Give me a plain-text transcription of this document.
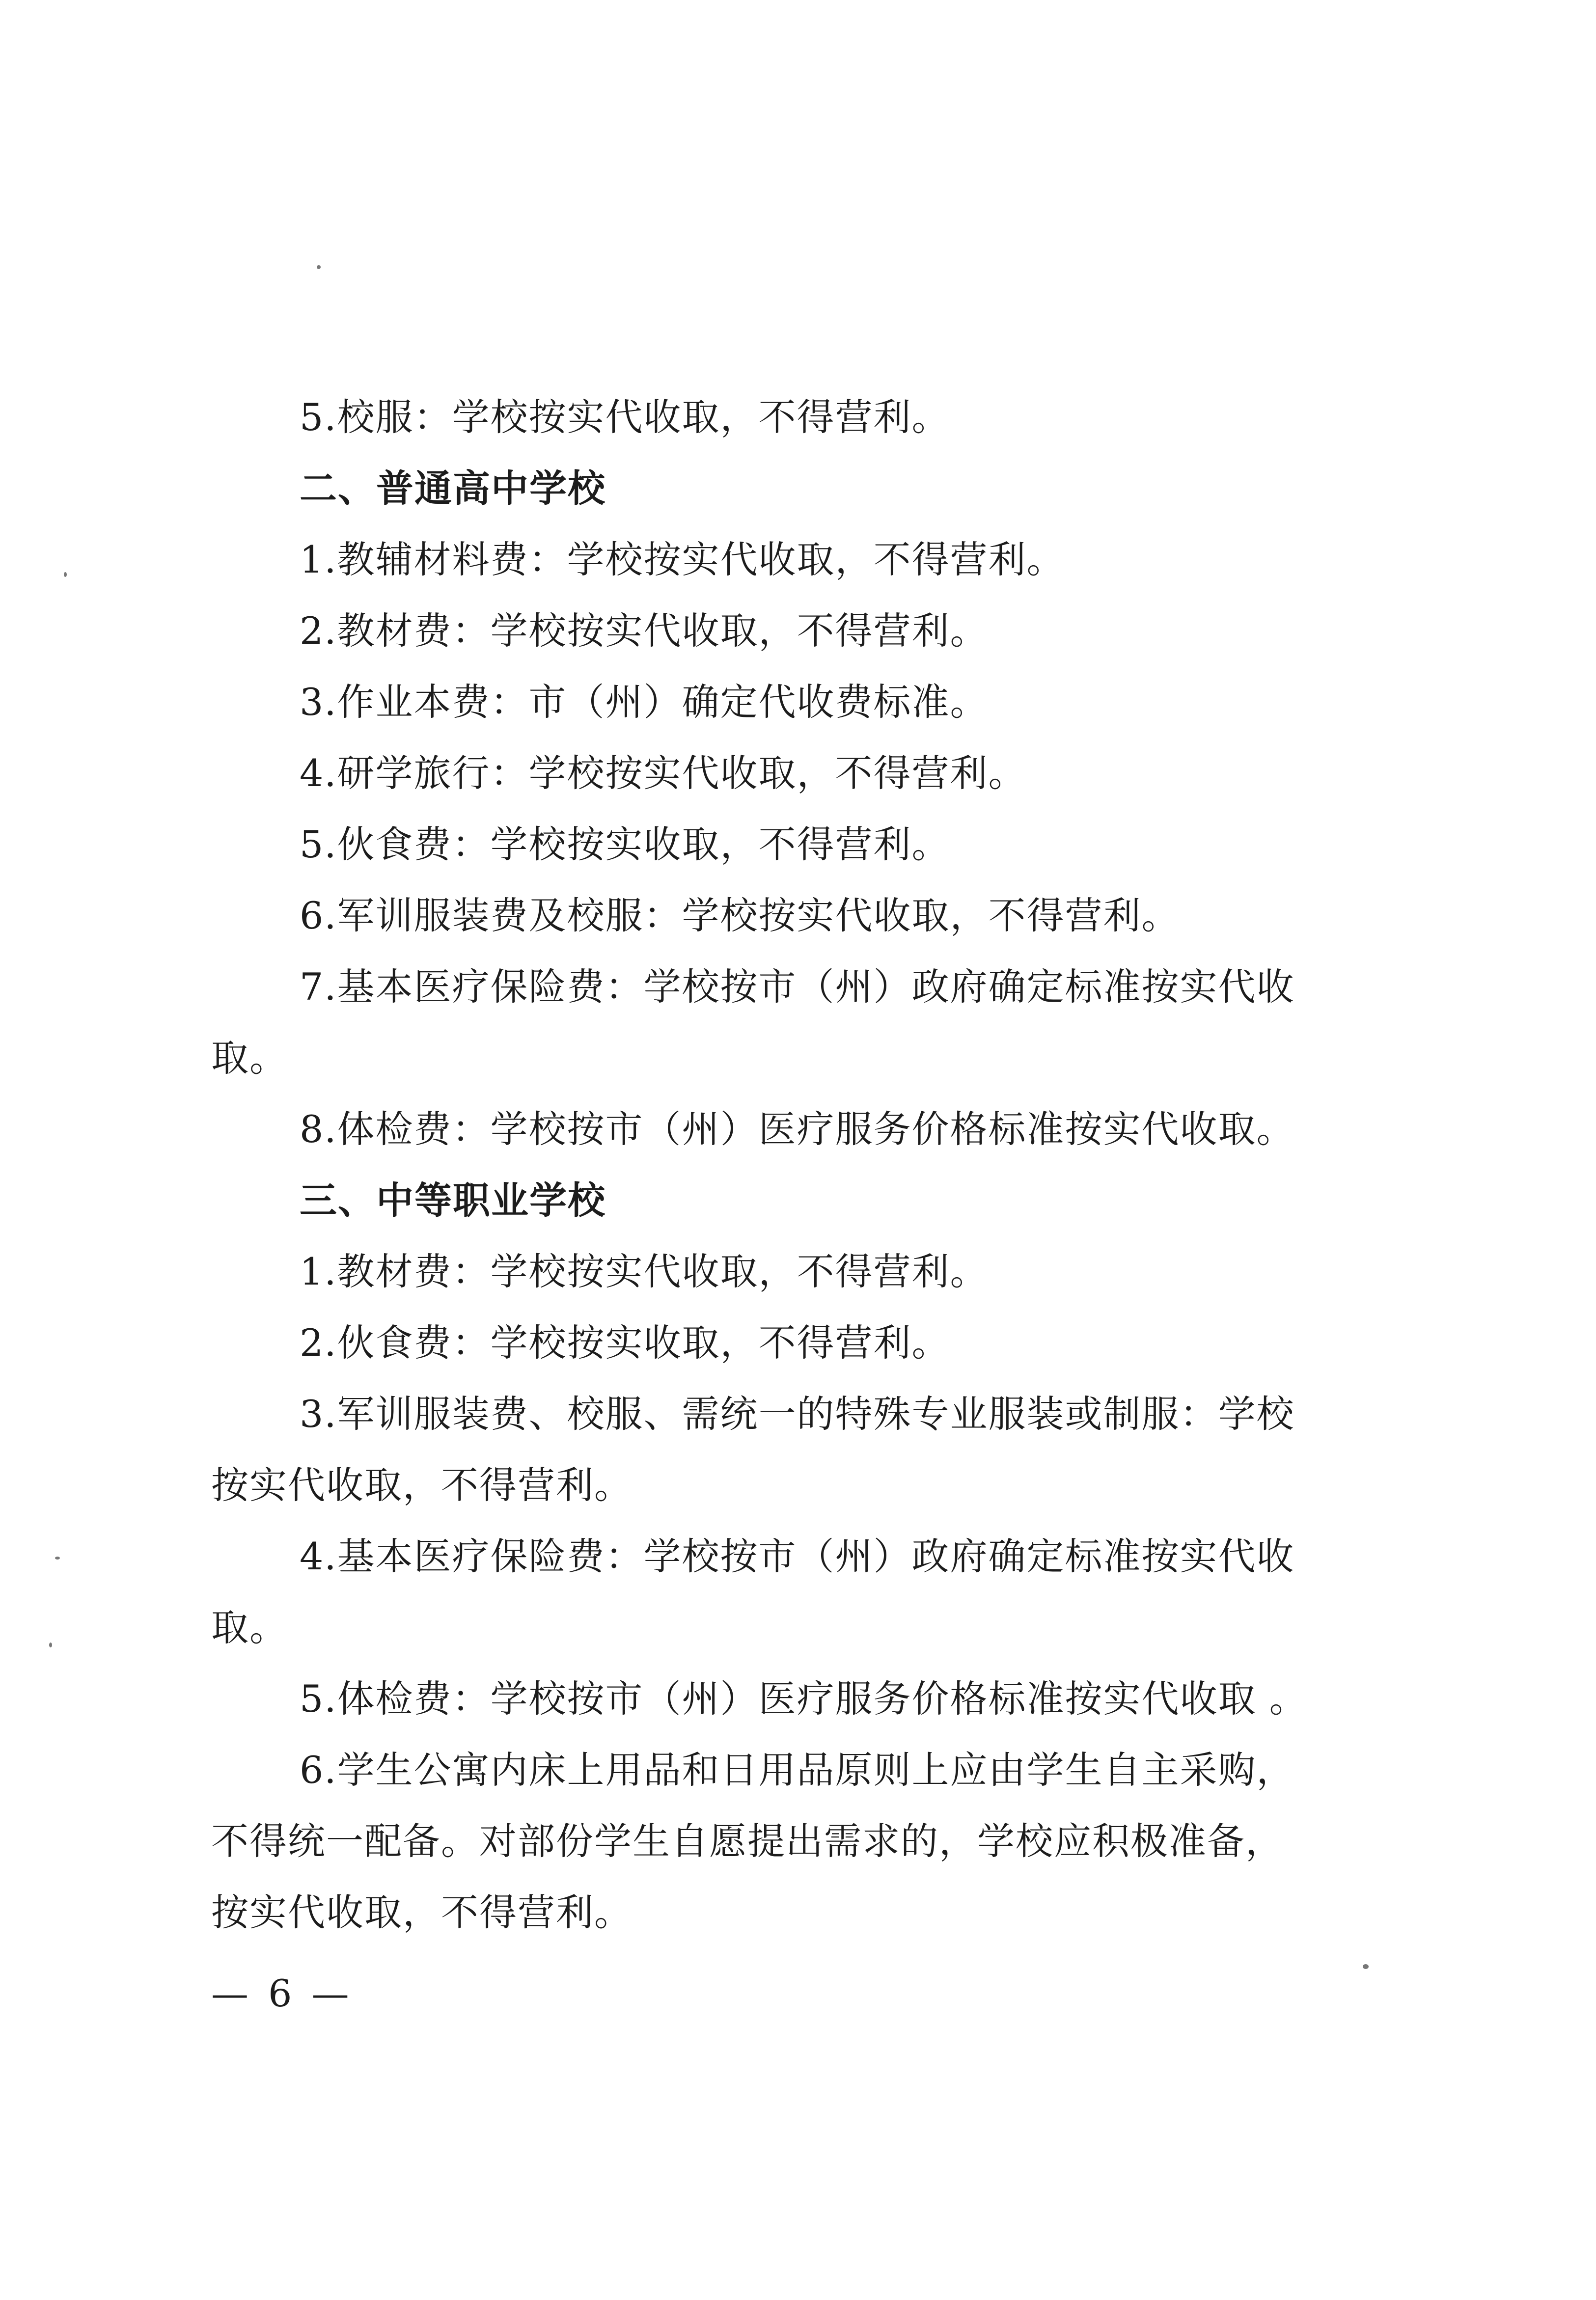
5.校服：学校按实代收取，不得营利。
二、普通高中学校
1.教辅材料费：学校按实代收取，不得营利。
2.教材费：学校按实代收取，不得营利。
3.作业本费：市（州）确定代收费标准。
4.研学旅行：学校按实代收取，不得营利。
5.伙食费：学校按实收取，不得营利。
6.军训服装费及校服：学校按实代收取，不得营利。
7.基本医疗保险费：学校按市（州）政府确定标准按实代收
取。
8.体检费：学校按市（州）医疗服务价格标准按实代收取。
三、中等职业学校
1.教材费：学校按实代收取，不得营利。
2.伙食费：学校按实收取，不得营利。
3.军训服装费、校服、需统一的特殊专业服装或制服：学校
按实代收取，不得营利。
4.基本医疗保险费：学校按市（州）政府确定标准按实代收
取。
5.体检费：学校按市（州）医疗服务价格标准按实代收取 。
6.学生公寓内床上用品和日用品原则上应由学生自主采购，
不得统一配备。对部份学生自愿提出需求的，学校应积极准备，
按实代收取，不得营利。
— 6 —
